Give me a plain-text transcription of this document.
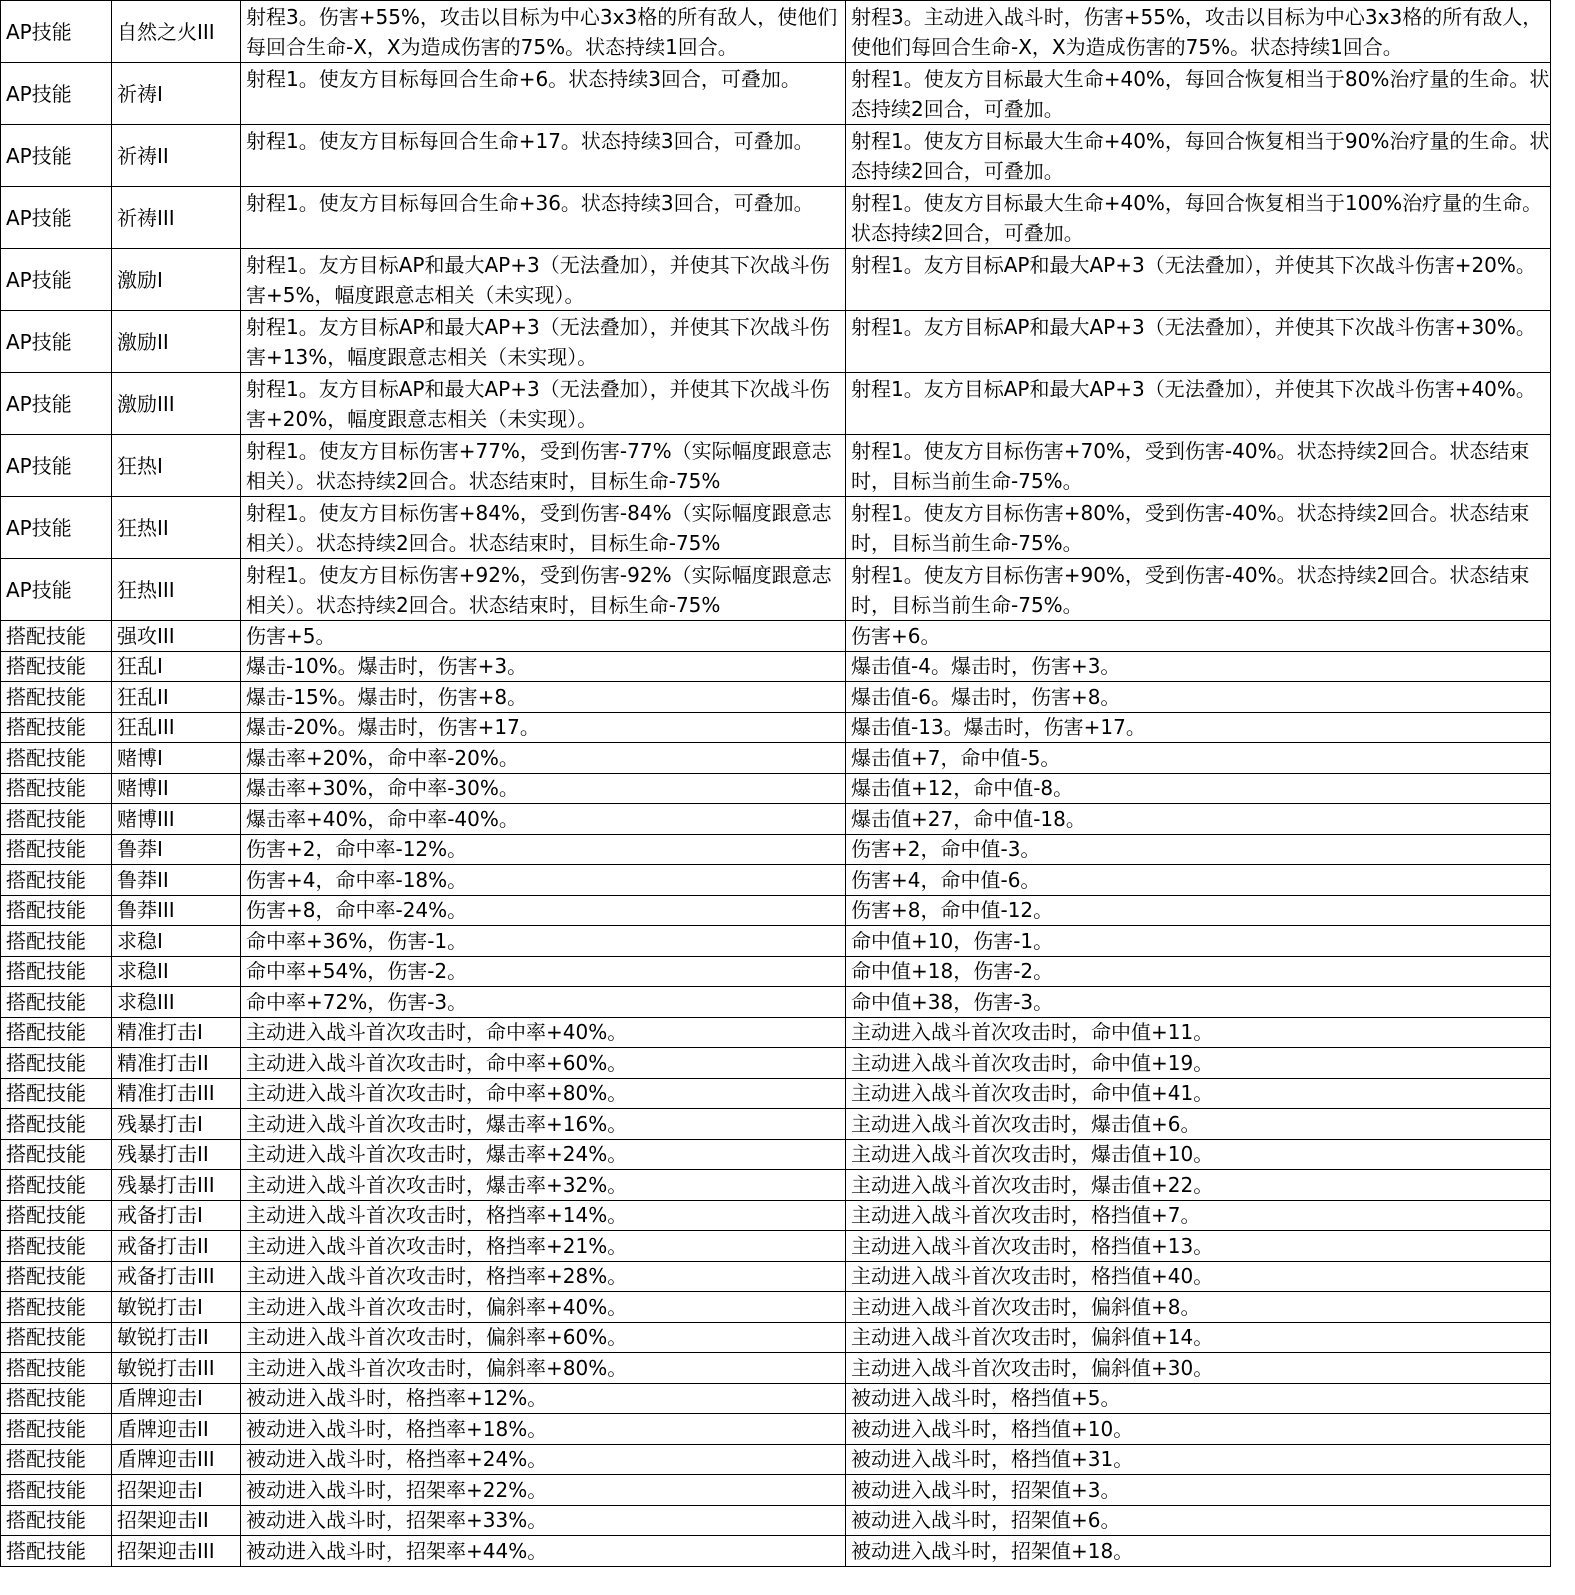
AP技能	自然之火III	射程3。伤害+55%，攻击以目标为中心3x3格的所有敌人，使他们每回合生命-X，X为造成伤害的75%。状态持续1回合。	射程3。主动进入战斗时，伤害+55%，攻击以目标为中心3x3格的所有敌人，使他们每回合生命-X，X为造成伤害的75%。状态持续1回合。
AP技能	祈祷I	射程1。使友方目标每回合生命+6。状态持续3回合，可叠加。	射程1。使友方目标最大生命+40%，每回合恢复相当于80%治疗量的生命。状态持续2回合，可叠加。
AP技能	祈祷II	射程1。使友方目标每回合生命+17。状态持续3回合，可叠加。	射程1。使友方目标最大生命+40%，每回合恢复相当于90%治疗量的生命。状态持续2回合，可叠加。
AP技能	祈祷III	射程1。使友方目标每回合生命+36。状态持续3回合，可叠加。	射程1。使友方目标最大生命+40%，每回合恢复相当于100%治疗量的生命。状态持续2回合，可叠加。
AP技能	激励I	射程1。友方目标AP和最大AP+3（无法叠加），并使其下次战斗伤害+5%，幅度跟意志相关（未实现）。	射程1。友方目标AP和最大AP+3（无法叠加），并使其下次战斗伤害+20%。
AP技能	激励II	射程1。友方目标AP和最大AP+3（无法叠加），并使其下次战斗伤害+13%，幅度跟意志相关（未实现）。	射程1。友方目标AP和最大AP+3（无法叠加），并使其下次战斗伤害+30%。
AP技能	激励III	射程1。友方目标AP和最大AP+3（无法叠加），并使其下次战斗伤害+20%，幅度跟意志相关（未实现）。	射程1。友方目标AP和最大AP+3（无法叠加），并使其下次战斗伤害+40%。
AP技能	狂热I	射程1。使友方目标伤害+77%，受到伤害-77%（实际幅度跟意志相关）。状态持续2回合。状态结束时，目标生命-75%	射程1。使友方目标伤害+70%，受到伤害-40%。状态持续2回合。状态结束时，目标当前生命-75%。
AP技能	狂热II	射程1。使友方目标伤害+84%，受到伤害-84%（实际幅度跟意志相关）。状态持续2回合。状态结束时，目标生命-75%	射程1。使友方目标伤害+80%，受到伤害-40%。状态持续2回合。状态结束时，目标当前生命-75%。
AP技能	狂热III	射程1。使友方目标伤害+92%，受到伤害-92%（实际幅度跟意志相关）。状态持续2回合。状态结束时，目标生命-75%	射程1。使友方目标伤害+90%，受到伤害-40%。状态持续2回合。状态结束时，目标当前生命-75%。
搭配技能	强攻III	伤害+5。	伤害+6。
搭配技能	狂乱I	爆击-10%。爆击时，伤害+3。	爆击值-4。爆击时，伤害+3。
搭配技能	狂乱II	爆击-15%。爆击时，伤害+8。	爆击值-6。爆击时，伤害+8。
搭配技能	狂乱III	爆击-20%。爆击时，伤害+17。	爆击值-13。爆击时，伤害+17。
搭配技能	赌博I	爆击率+20%，命中率-20%。	爆击值+7，命中值-5。
搭配技能	赌博II	爆击率+30%，命中率-30%。	爆击值+12，命中值-8。
搭配技能	赌博III	爆击率+40%，命中率-40%。	爆击值+27，命中值-18。
搭配技能	鲁莽I	伤害+2，命中率-12%。	伤害+2，命中值-3。
搭配技能	鲁莽II	伤害+4，命中率-18%。	伤害+4，命中值-6。
搭配技能	鲁莽III	伤害+8，命中率-24%。	伤害+8，命中值-12。
搭配技能	求稳I	命中率+36%，伤害-1。	命中值+10，伤害-1。
搭配技能	求稳II	命中率+54%，伤害-2。	命中值+18，伤害-2。
搭配技能	求稳III	命中率+72%，伤害-3。	命中值+38，伤害-3。
搭配技能	精准打击I	主动进入战斗首次攻击时，命中率+40%。	主动进入战斗首次攻击时，命中值+11。
搭配技能	精准打击II	主动进入战斗首次攻击时，命中率+60%。	主动进入战斗首次攻击时，命中值+19。
搭配技能	精准打击III	主动进入战斗首次攻击时，命中率+80%。	主动进入战斗首次攻击时，命中值+41。
搭配技能	残暴打击I	主动进入战斗首次攻击时，爆击率+16%。	主动进入战斗首次攻击时，爆击值+6。
搭配技能	残暴打击II	主动进入战斗首次攻击时，爆击率+24%。	主动进入战斗首次攻击时，爆击值+10。
搭配技能	残暴打击III	主动进入战斗首次攻击时，爆击率+32%。	主动进入战斗首次攻击时，爆击值+22。
搭配技能	戒备打击I	主动进入战斗首次攻击时，格挡率+14%。	主动进入战斗首次攻击时，格挡值+7。
搭配技能	戒备打击II	主动进入战斗首次攻击时，格挡率+21%。	主动进入战斗首次攻击时，格挡值+13。
搭配技能	戒备打击III	主动进入战斗首次攻击时，格挡率+28%。	主动进入战斗首次攻击时，格挡值+40。
搭配技能	敏锐打击I	主动进入战斗首次攻击时，偏斜率+40%。	主动进入战斗首次攻击时，偏斜值+8。
搭配技能	敏锐打击II	主动进入战斗首次攻击时，偏斜率+60%。	主动进入战斗首次攻击时，偏斜值+14。
搭配技能	敏锐打击III	主动进入战斗首次攻击时，偏斜率+80%。	主动进入战斗首次攻击时，偏斜值+30。
搭配技能	盾牌迎击I	被动进入战斗时，格挡率+12%。	被动进入战斗时，格挡值+5。
搭配技能	盾牌迎击II	被动进入战斗时，格挡率+18%。	被动进入战斗时，格挡值+10。
搭配技能	盾牌迎击III	被动进入战斗时，格挡率+24%。	被动进入战斗时，格挡值+31。
搭配技能	招架迎击I	被动进入战斗时，招架率+22%。	被动进入战斗时，招架值+3。
搭配技能	招架迎击II	被动进入战斗时，招架率+33%。	被动进入战斗时，招架值+6。
搭配技能	招架迎击III	被动进入战斗时，招架率+44%。	被动进入战斗时，招架值+18。
